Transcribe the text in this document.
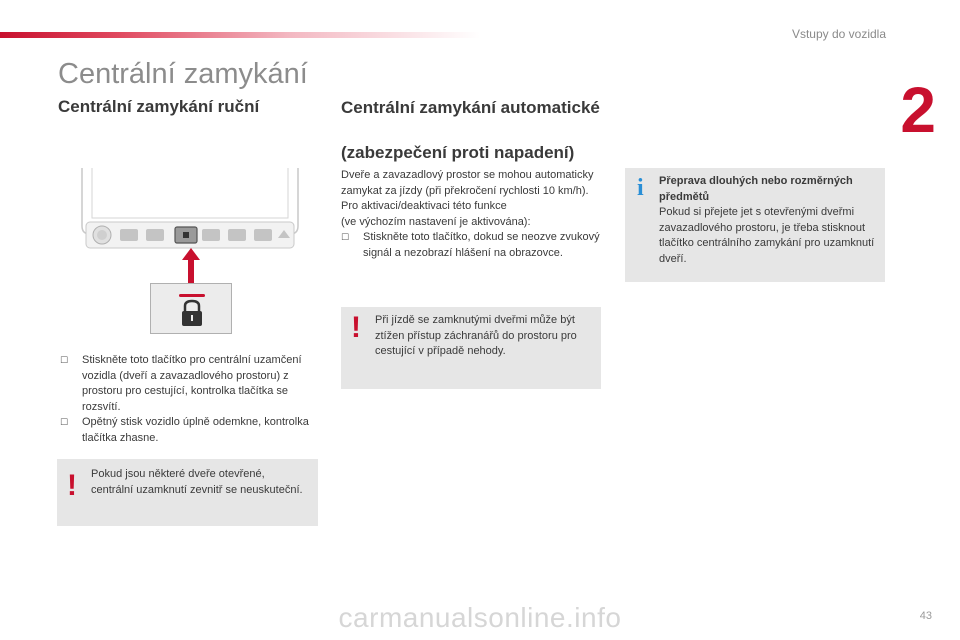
Vstupy do vozidla
2
Centrální zamykání
Centrální zamykání ruční	Centrální zamykání automatické
(zabezpečení proti napadení)

☐ Stiskněte toto tlačítko pro centrální uzamčení vozidla (dveří a zavazadlového prostoru) z prostoru pro cestující, kontrolka tlačítka se rozsvítí.

☐ Opětný stisk vozidlo úplně odemkne, kontrolka tlačítka zhasne.

! Pokud jsou některé dveře otevřené, centrální uzamknutí zevnitř se neuskuteční.

Dveře a zavazadlový prostor se mohou automaticky zamykat za jízdy (při překročení rychlosti 10 km/h).

Pro aktivaci/deaktivaci této funkce

(ve výchozím nastavení je aktivována):

☐ Stiskněte toto tlačítko, dokud se neozve zvukový signál a nezobrazí hlášení na obrazovce.

! Při jízdě se zamknutými dveřmi může být ztížen přístup záchranářů do prostoru pro cestující v případě nehody.
i Přeprava dlouhých nebo rozměrných předmětů
Pokud si přejete jet s otevřenými dveřmi zavazadlového prostoru, je třeba stisknout tlačítko centrálního zamykání pro uzamknutí dveří.
43
carmanualsonline.info
